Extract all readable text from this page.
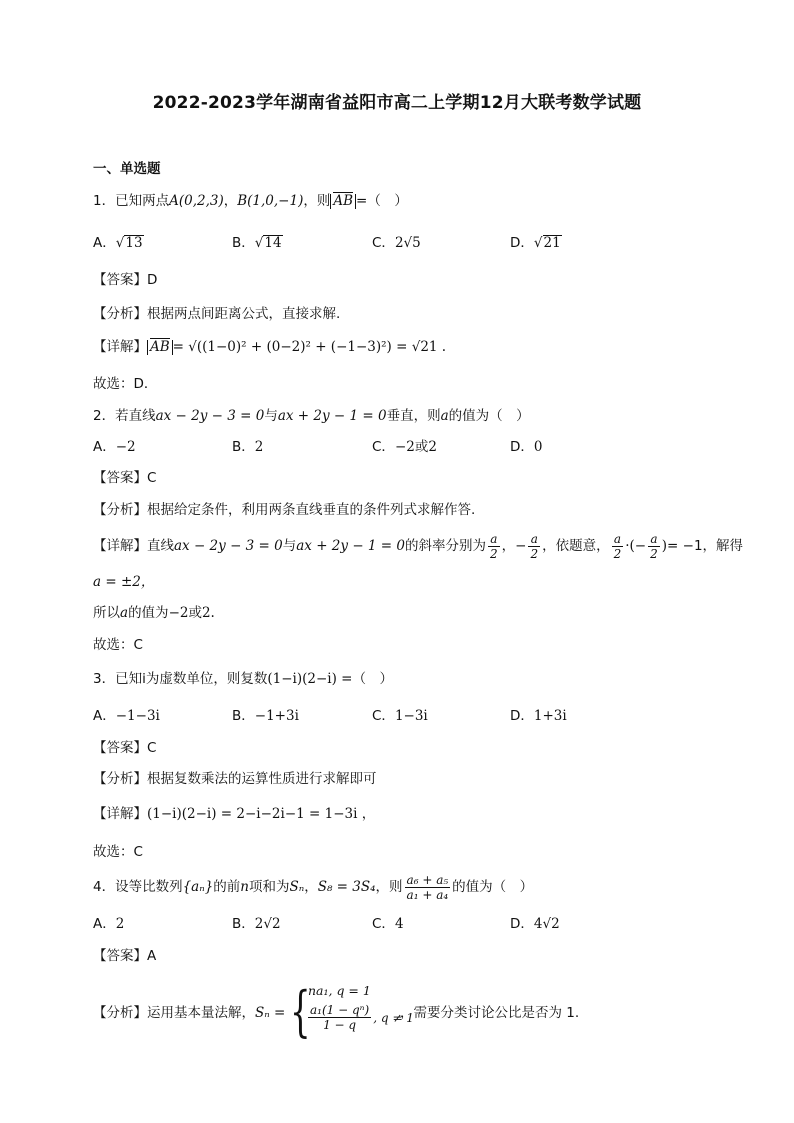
2022-2023学年湖南省益阳市高二上学期12月大联考数学试题
一、单选题
1．已知两点A(0,2,3)，B(1,0,−1)，则 AB =（　）
A．√13	B．√14	C．2√5	D．√21
【答案】D
【分析】根据两点间距离公式，直接求解.
【详解】 AB = √((1−0)² + (0−2)² + (−1−3)²) = √21 .
故选：D．
2．若直线ax − 2y − 3 = 0与ax + 2y − 1 = 0垂直，则a的值为（　）
A．−2	B．2	C．−2或2	D．0
【答案】C
【分析】根据给定条件，利用两条直线垂直的条件列式求解作答.
【详解】直线ax − 2y − 3 = 0与ax + 2y − 1 = 0的斜率分别为 $\frac{a}{2}$ ，− $\frac{a}{2}$ ，依题意， $\frac{a}{2}$ ·(− $\frac{a}{2}$ )= −1，解得
a = ±2，
所以a的值为−2或2.
故选：C
3．已知i为虚数单位，则复数(1−i)(2−i) =（　）
A．−1−3i	B．−1+3i	C．1−3i	D．1+3i
【答案】C
【分析】根据复数乘法的运算性质进行求解即可
【详解】(1−i)(2−i) = 2−i−2i−1 = 1−3i ，
故选：C
4．设等比数列{aₙ}的前n项和为Sₙ，S₈ = 3S₄，则 $\frac{\text{a₆ + a₅}}{\text{a₁ + a₄}}$ 的值为（　）
A．2	B．2√2	C．4	D．4√2
【答案】A
【分析】运用基本量法解，Sₙ = {
na₁, q = 1
$\frac{\text{a₁(1 − qⁿ)}}{1 - q}$ , q ≠ 1
，需要分类讨论公比是否为 1.
